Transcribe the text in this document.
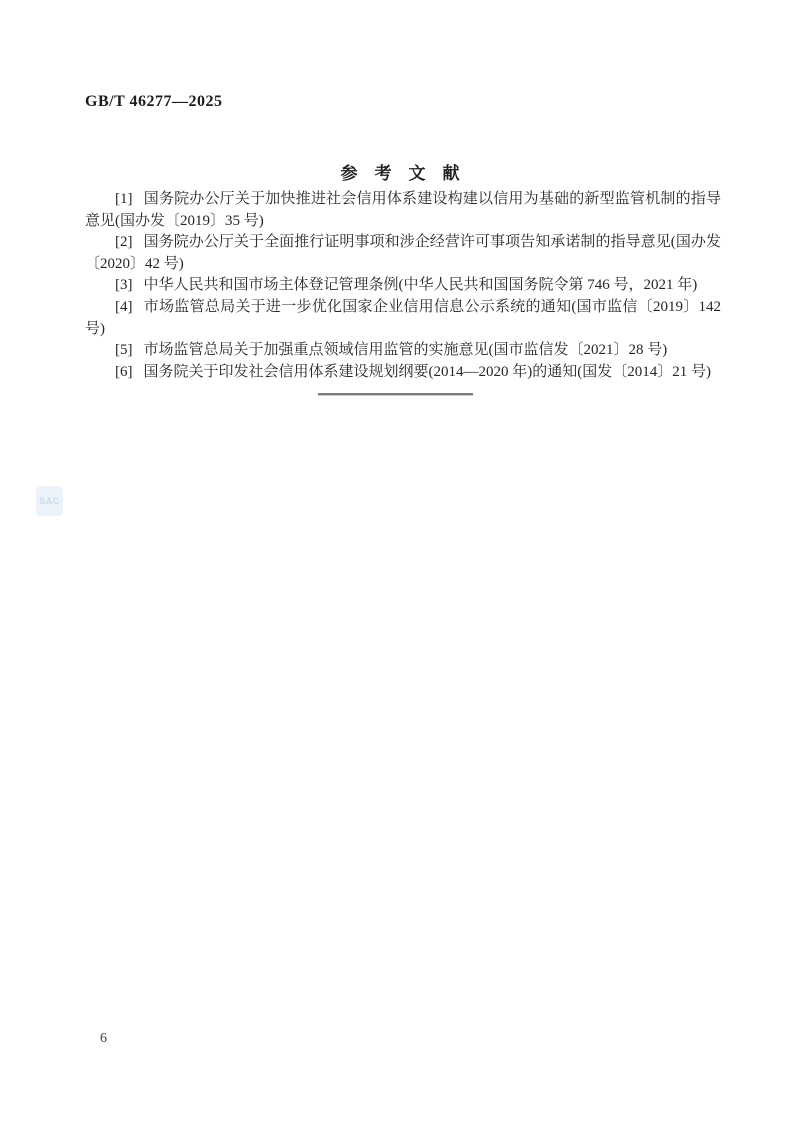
GB/T 46277—2025
参　考　文　献

[1] 国务院办公厅关于加快推进社会信用体系建设构建以信用为基础的新型监管机制的指导意见(国办发〔2019〕35 号)

[2] 国务院办公厅关于全面推行证明事项和涉企经营许可事项告知承诺制的指导意见(国办发〔2020〕42 号)

[3] 中华人民共和国市场主体登记管理条例(中华人民共和国国务院令第 746 号，2021 年)

[4] 市场监管总局关于进一步优化国家企业信用信息公示系统的通知(国市监信〔2019〕142 号)

[5] 市场监管总局关于加强重点领域信用监管的实施意见(国市监信发〔2021〕28 号)

[6] 国务院关于印发社会信用体系建设规划纲要(2014—2020 年)的通知(国发〔2014〕21 号)

SAC
6
